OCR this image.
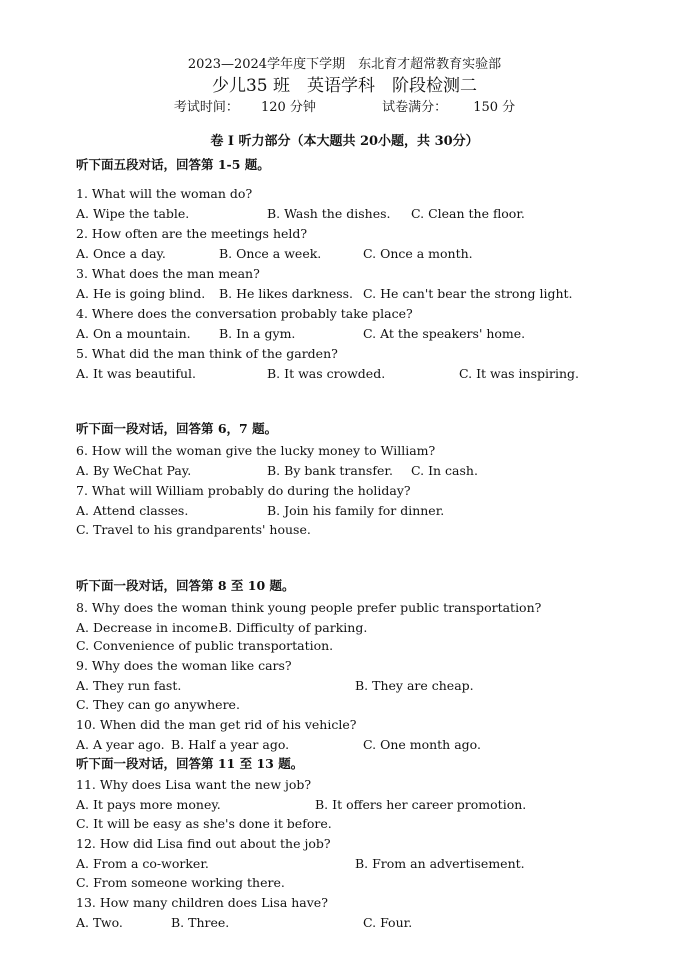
2023—2024学年度下学期　东北育才超常教育实验部
少儿35 班　英语学科　阶段检测二
考试时间： 120 分钟	试卷满分： 150 分
卷 I 听力部分（本大题共 20小题，共 30分）
听下面五段对话，回答第 1-5 题。
1. What will the woman do?
A. Wipe the table.	B. Wash the dishes. C. Clean the floor.
2. How often are the meetings held?
A. Once a day.	B. Once a week.	C. Once a month.
3. What does the man mean?
A. He is going blind. B. He likes darkness. C. He can't bear the strong light.
4. Where does the conversation probably take place?
A. On a mountain. B. In a gym.	C. At the speakers' home.
5. What did the man think of the garden?
A. It was beautiful.	B. It was crowded.	C. It was inspiring.
听下面一段对话，回答第 6，7 题。
6. How will the woman give the lucky money to William?
A. By WeChat Pay.	B. By bank transfer. C. In cash.
7. What will William probably do during the holiday?
A. Attend classes.	B. Join his family for dinner.
C. Travel to his grandparents' house.
听下面一段对话，回答第 8 至 10 题。
8. Why does the woman think young people prefer public transportation?
A. Decrease in income.
B. Difficulty of parking.
C. Convenience of public transportation.
9. Why does the woman like cars?
A. They run fast.	B. They are cheap.
C. They can go anywhere.
10. When did the man get rid of his vehicle?
A. A year ago. B. Half a year ago.	C. One month ago.
听下面一段对话，回答第 11 至 13 题。
11. Why does Lisa want the new job?
A. It pays more money.	B. It offers her career promotion.
C. It will be easy as she's done it before.
12. How did Lisa find out about the job?
A. From a co-worker.	B. From an advertisement.
C. From someone working there.
13. How many children does Lisa have?
A. Two.	B. Three.	C. Four.
